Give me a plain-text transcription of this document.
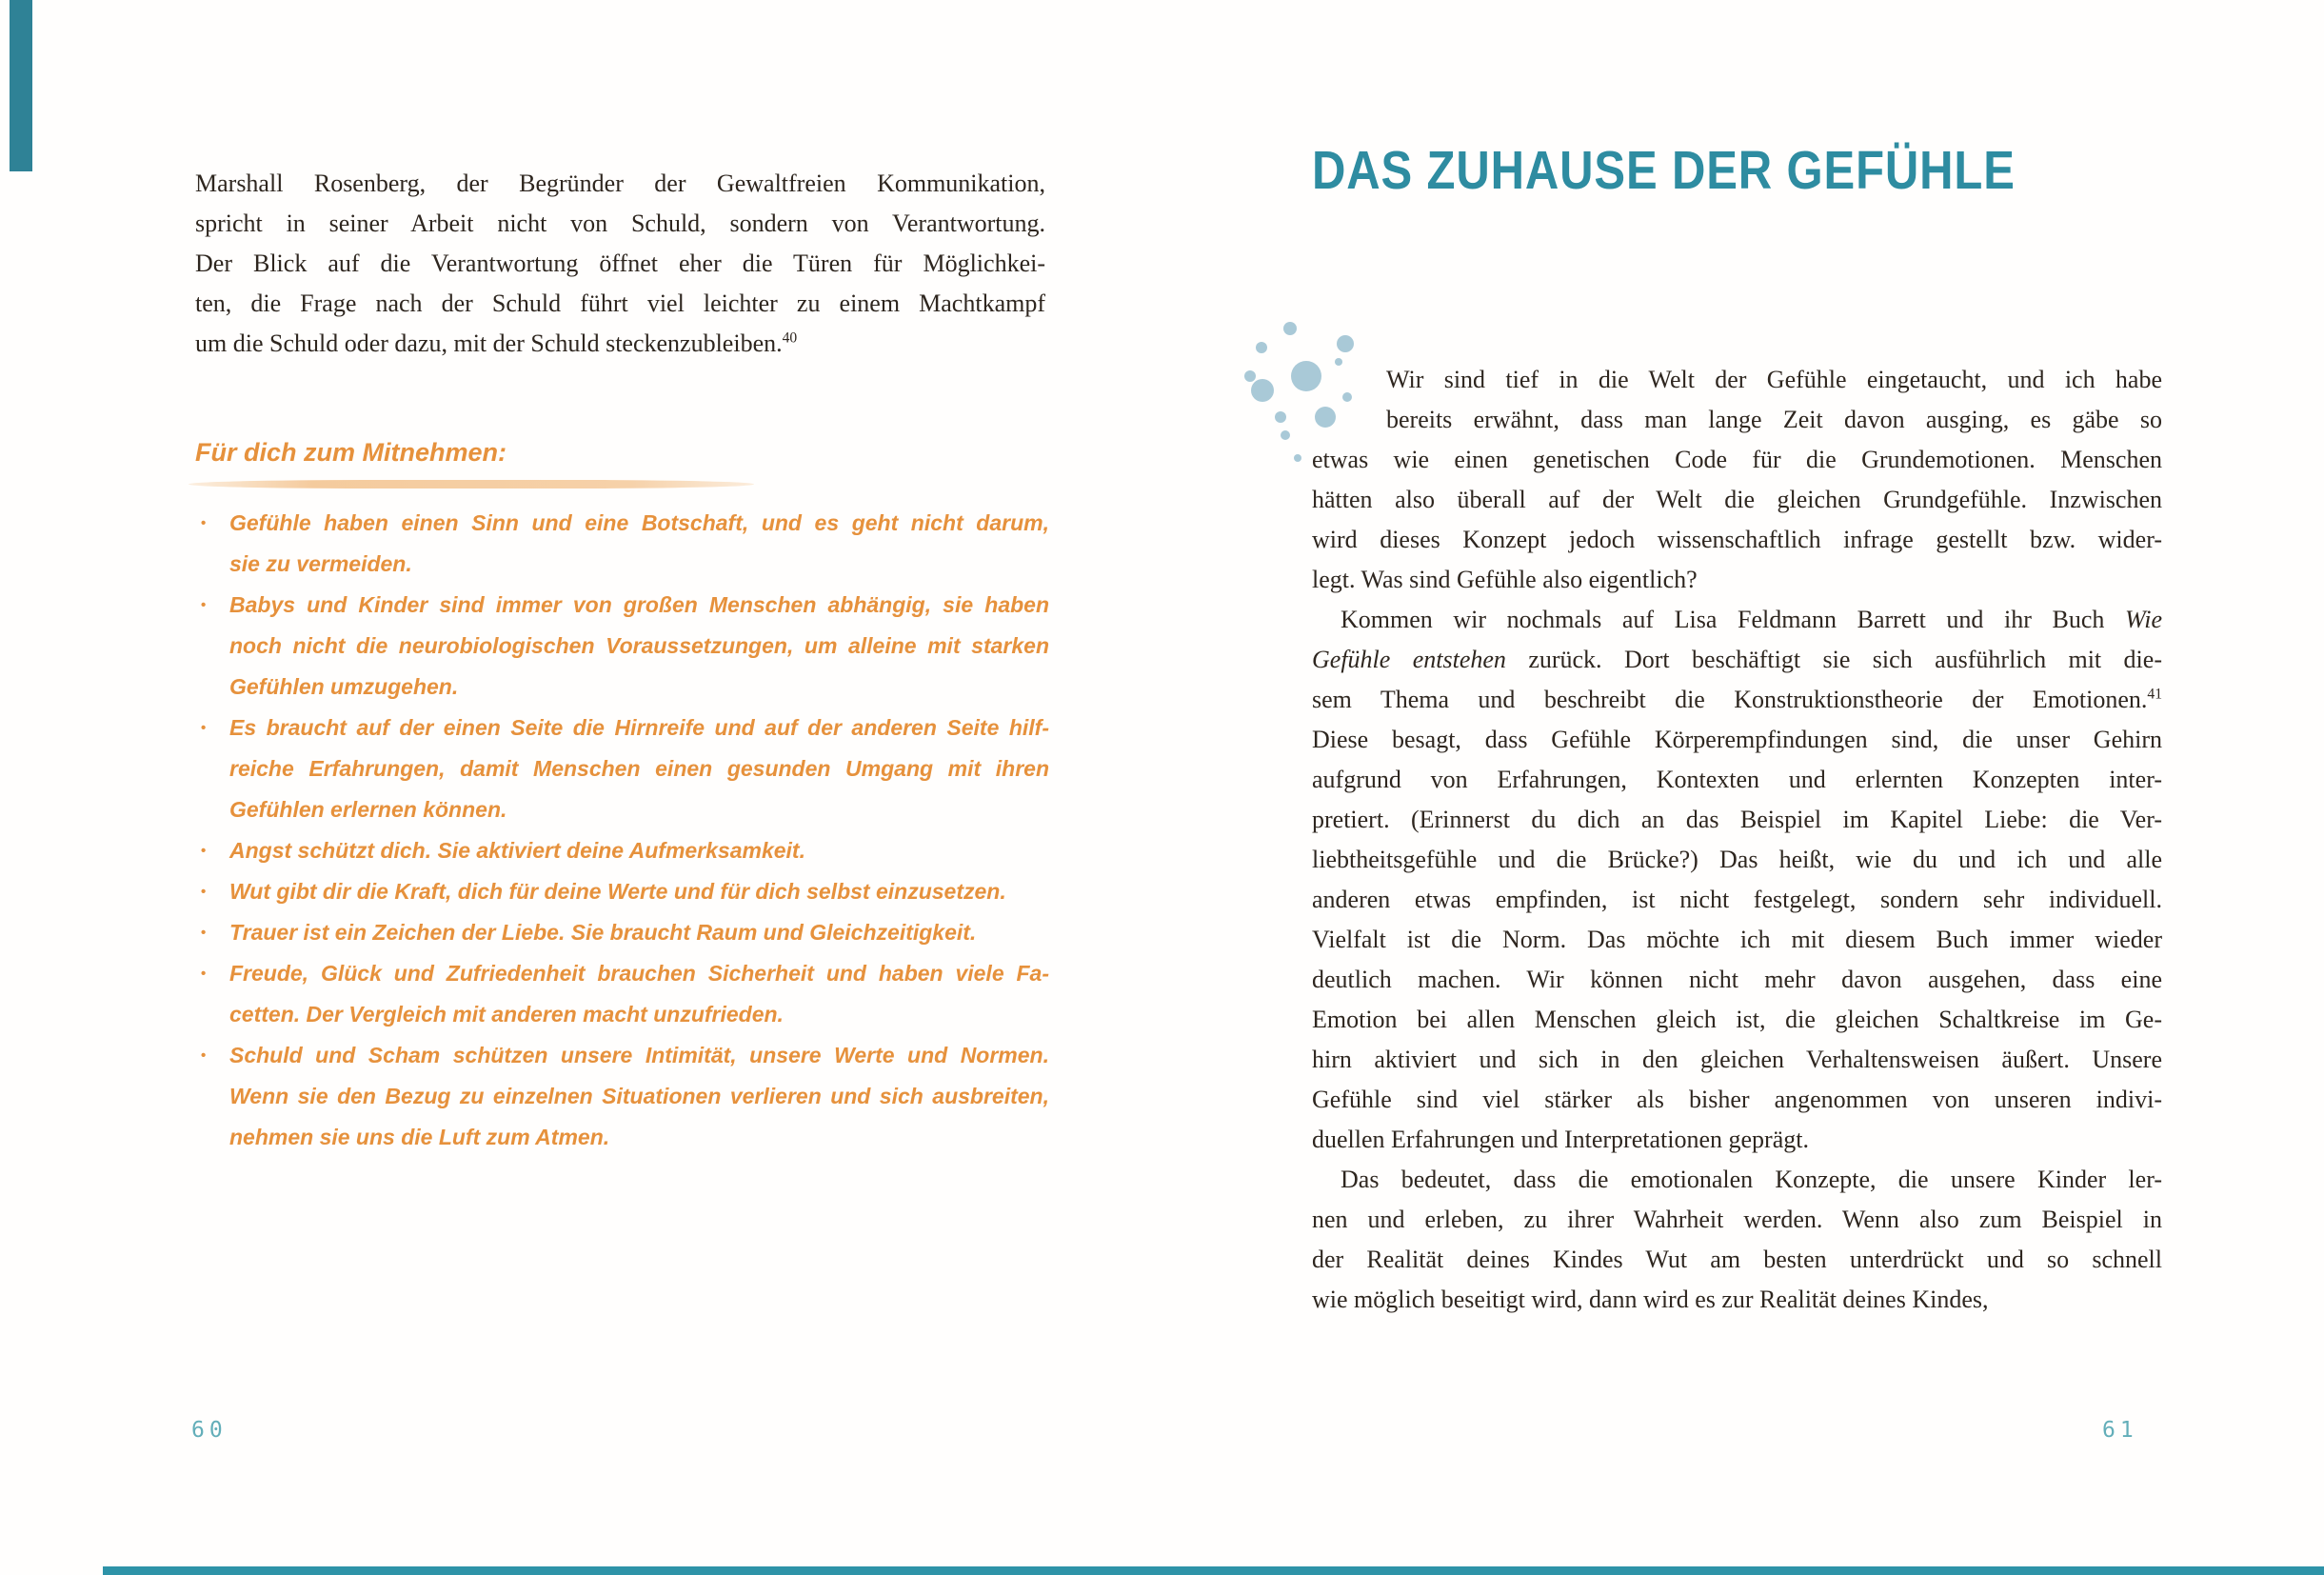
Marshall Rosenberg, der Begründer der Gewaltfreien Kommunikation,
spricht in seiner Arbeit nicht von Schuld, sondern von Verantwortung.
Der Blick auf die Verantwortung öffnet eher die Türen für Möglichkei-
ten, die Frage nach der Schuld führt viel leichter zu einem Machtkampf
um die Schuld oder dazu, mit der Schuld steckenzubleiben.$^{40}$
Für dich zum Mitnehmen:
•	Gefühle haben einen Sinn und eine Botschaft, und es geht nicht darum,
sie zu vermeiden.
•	Babys und Kinder sind immer von großen Menschen abhängig, sie haben
noch nicht die neurobiologischen Voraussetzungen, um alleine mit starken
Gefühlen umzugehen.
•	Es braucht auf der einen Seite die Hirnreife und auf der anderen Seite hilf-
reiche Erfahrungen, damit Menschen einen gesunden Umgang mit ihren
Gefühlen erlernen können.
•	Angst schützt dich. Sie aktiviert deine Aufmerksamkeit.
•	Wut gibt dir die Kraft, dich für deine Werte und für dich selbst einzusetzen.
•	Trauer ist ein Zeichen der Liebe. Sie braucht Raum und Gleichzeitigkeit.
•	Freude, Glück und Zufriedenheit brauchen Sicherheit und haben viele Fa-
cetten. Der Vergleich mit anderen macht unzufrieden.
•	Schuld und Scham schützen unsere Intimität, unsere Werte und Normen.
Wenn sie den Bezug zu einzelnen Situationen verlieren und sich ausbreiten,
nehmen sie uns die Luft zum Atmen.
60
DAS ZUHAUSE DER GEFÜHLE
Wir sind tief in die Welt der Gefühle eingetaucht, und ich habe
bereits erwähnt, dass man lange Zeit davon ausging, es gäbe so
etwas wie einen genetischen Code für die Grundemotionen. Menschen
hätten also überall auf der Welt die gleichen Grundgefühle. Inzwischen
wird dieses Konzept jedoch wissenschaftlich infrage gestellt bzw. wider-
legt. Was sind Gefühle also eigentlich?
Kommen wir nochmals auf Lisa Feldmann Barrett und ihr Buch Wie
Gefühle entstehen zurück. Dort beschäftigt sie sich ausführlich mit die-
sem Thema und beschreibt die Konstruktionstheorie der Emotionen.$^{41}$
Diese besagt, dass Gefühle Körperempfindungen sind, die unser Gehirn
aufgrund von Erfahrungen, Kontexten und erlernten Konzepten inter-
pretiert. (Erinnerst du dich an das Beispiel im Kapitel Liebe: die Ver-
liebtheitsgefühle und die Brücke?) Das heißt, wie du und ich und alle
anderen etwas empfinden, ist nicht festgelegt, sondern sehr individuell.
Vielfalt ist die Norm. Das möchte ich mit diesem Buch immer wieder
deutlich machen. Wir können nicht mehr davon ausgehen, dass eine
Emotion bei allen Menschen gleich ist, die gleichen Schaltkreise im Ge-
hirn aktiviert und sich in den gleichen Verhaltensweisen äußert. Unsere
Gefühle sind viel stärker als bisher angenommen von unseren indivi-
duellen Erfahrungen und Interpretationen geprägt.
Das bedeutet, dass die emotionalen Konzepte, die unsere Kinder ler-
nen und erleben, zu ihrer Wahrheit werden. Wenn also zum Beispiel in
der Realität deines Kindes Wut am besten unterdrückt und so schnell
wie möglich beseitigt wird, dann wird es zur Realität deines Kindes,
61
